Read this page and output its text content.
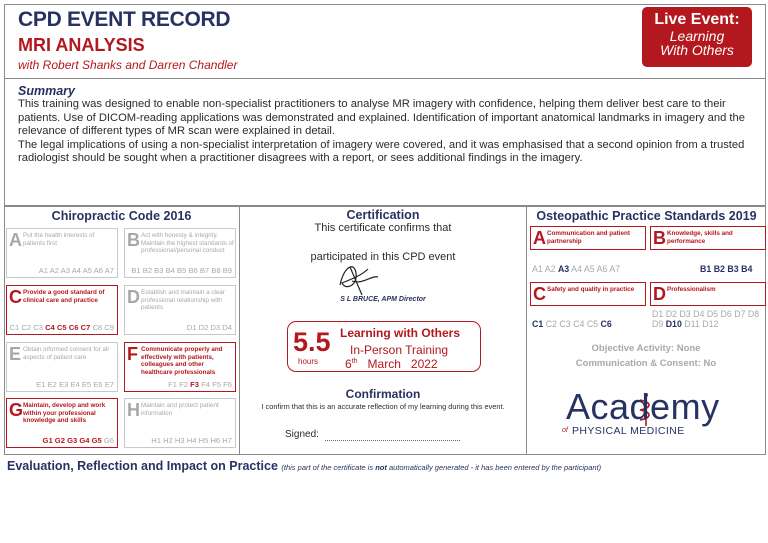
CPD EVENT RECORD
MRI ANALYSIS
with Robert Shanks and Darren Chandler
Live Event:
Learning
With Others
Summary

This training was designed to enable non-specialist practitioners to analyse MR imagery with confidence, helping them deliver best care to their patients. Use of DICOM-reading applications was demonstrated and explained. Identification of important anatomical landmarks in imagery and the relevance of different types of MR scan were explained in detail.

The legal implications of using a non-specialist interpretation of imagery were covered, and it was emphasised that a second opinion from a trusted radiologist should be sought when a practitioner disagrees with a report, or sees additional findings in the imagery.

Chiropractic Code 2016	Certification
This certificate confirms that
participated in this CPD event
S L BRUCE, APM Director
5.5
hours
Learning with Others
In-Person Training
6th March 2022
Confirmation
I confirm that this is an accurate reflection of my learning during this event.
Signed:
Osteopathic Practice Standards 2019
Objective Activity: None
Communication & Consent: No
Academy
of PHYSICAL MEDICINE
Evaluation, Reflection and Impact on Practice (this part of the certificate is not automatically generated - it has been entered by the participant)
A Put the health interests of patients first
A1 A2 A3 A4 A5 A6 A7
B Act with honesty & integrity. Maintain the highest standards of professional/personal conduct
B1 B2 B3 B4 B5 B6 B7 B8 B9
C Provide a good standard of clinical care and practice
C1 C2 C3 C4 C5 C6 C7 C8 C9
D Establish and maintain a clear professional relationship with patients
D1 D2 D3 D4
E Obtain informed consent for all aspects of patient care
E1 E2 E3 E4 E5 E6 E7
F Communicate properly and effectively with patients, colleagues and other healthcare professionals
F1 F2 F3 F4 F5 F6
G Maintain, develop and work within your professional knowledge and skills
G1 G2 G3 G4 G5 G6
H Maintain and protect patient information
H1 H2 H3 H4 H5 H6 H7
A Communication and patient partnership
A1 A2 A3 A4 A5 A6 A7
B Knowledge, skills and performance
B1 B2 B3 B4
C Safety and quality in practice
C1 C2 C3 C4 C5 C6
D Professionalism
D1 D2 D3 D4 D5 D6 D7 D8 D9 D10 D11 D12
